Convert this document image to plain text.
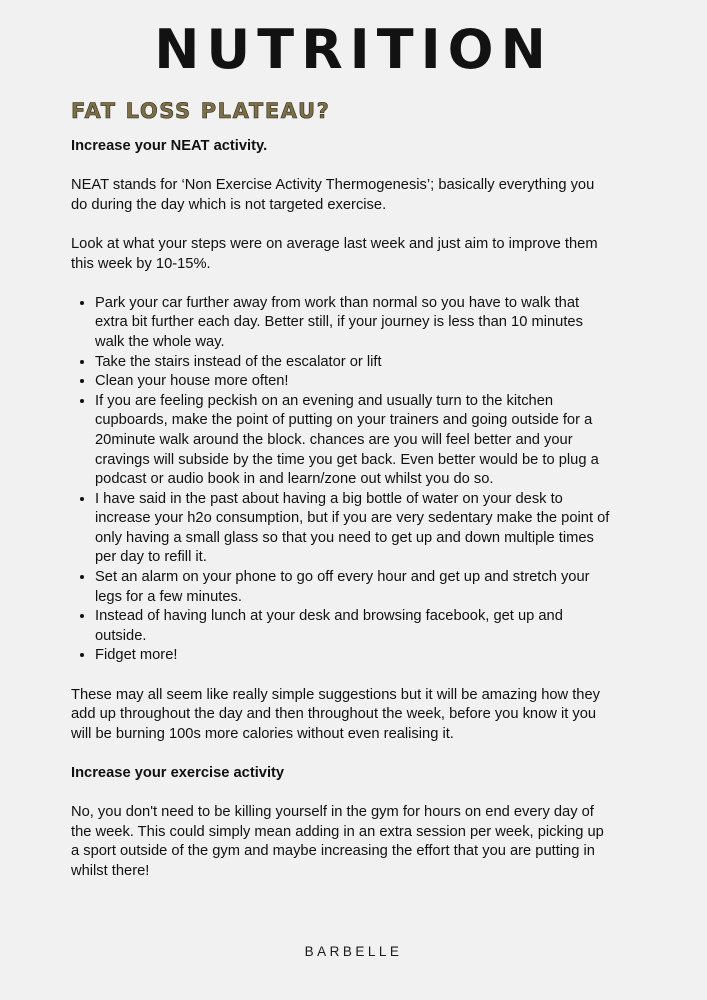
NUTRITION
FAT LOSS PLATEAU?

Increase your NEAT activity.

NEAT stands for ‘Non Exercise Activity Thermogenesis’; basically everything you do during the day which is not targeted exercise.

Look at what your steps were on average last week and just aim to improve them this week by 10-15%.

• Park your car further away from work than normal so you have to walk that extra bit further each day. Better still, if your journey is less than 10 minutes walk the whole way.
• Take the stairs instead of the escalator or lift
• Clean your house more often!
• If you are feeling peckish on an evening and usually turn to the kitchen cupboards, make the point of putting on your trainers and going outside for a 20minute walk around the block. chances are you will feel better and your cravings will subside by the time you get back. Even better would be to plug a podcast or audio book in and learn/zone out whilst you do so.
• I have said in the past about having a big bottle of water on your desk to increase your h2o consumption, but if you are very sedentary make the point of only having a small glass so that you need to get up and down multiple times per day to refill it.
• Set an alarm on your phone to go off every hour and get up and stretch your legs for a few minutes.
• Instead of having lunch at your desk and browsing facebook, get up and outside.
• Fidget more!

These may all seem like really simple suggestions but it will be amazing how they add up throughout the day and then throughout the week, before you know it you will be burning 100s more calories without even realising it.

Increase your exercise activity

No, you don't need to be killing yourself in the gym for hours on end every day of the week. This could simply mean adding in an extra session per week, picking up a sport outside of the gym and maybe increasing the effort that you are putting in whilst there!

BARBELLE
